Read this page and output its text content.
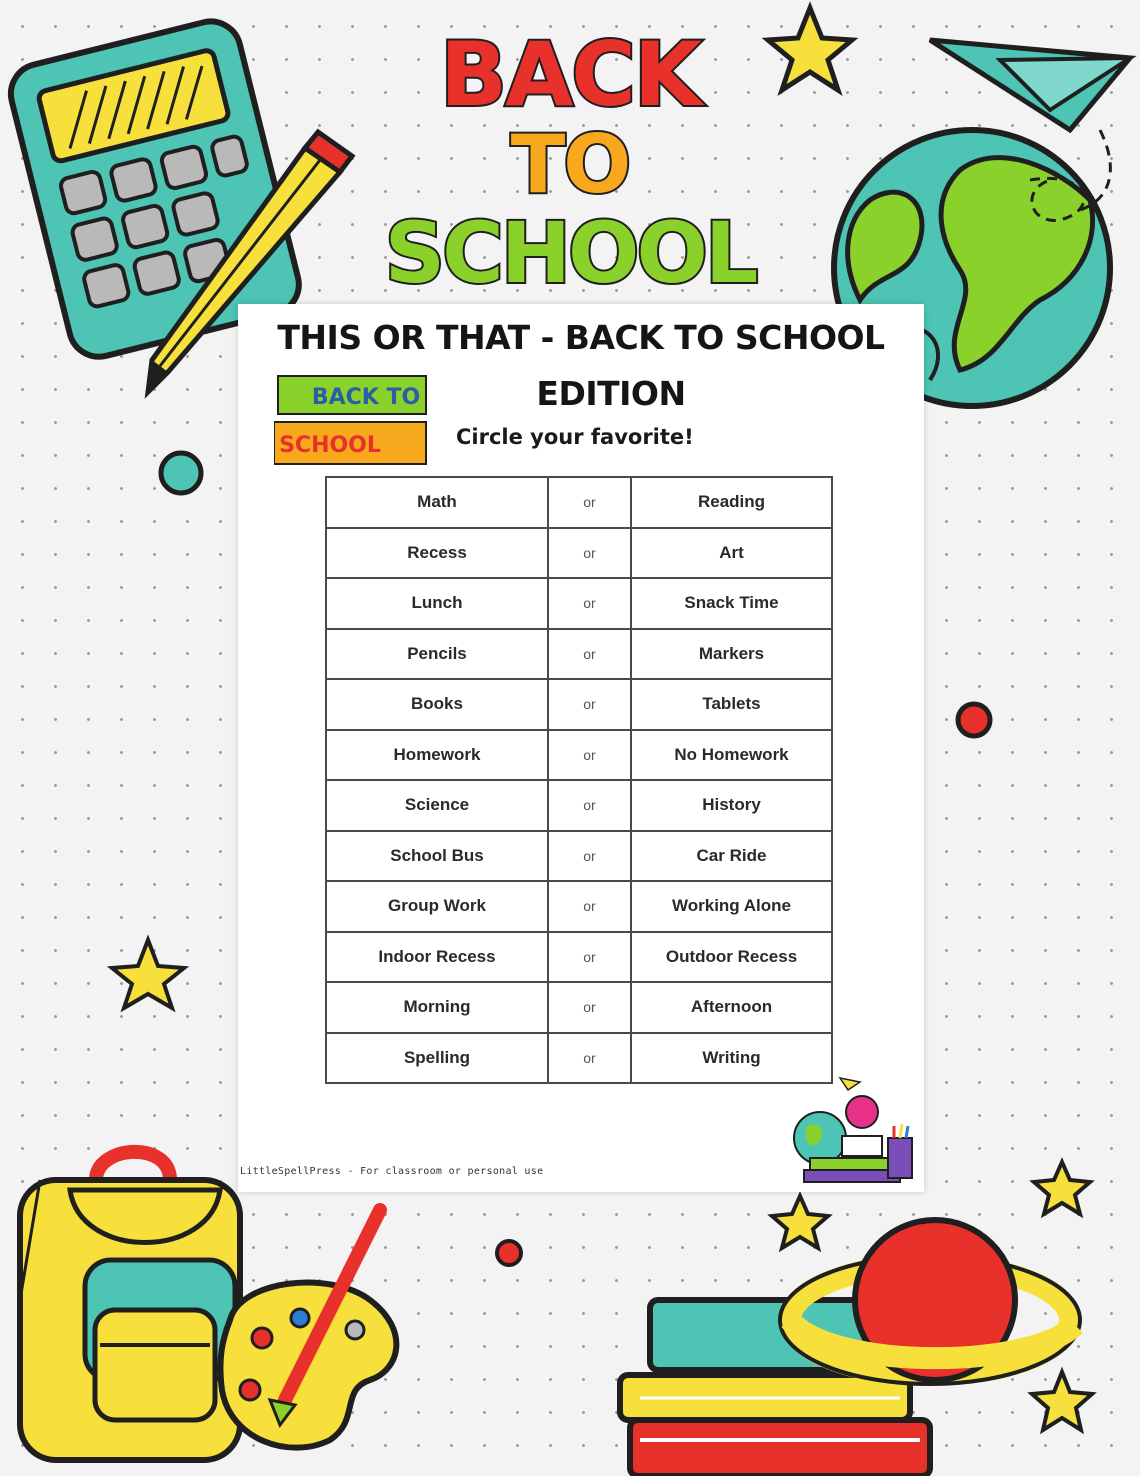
BACK
TO
SCHOOL
THIS OR THAT - BACK TO SCHOOL
EDITION
BACK TO
SCHOOL	Circle your favorite!
Math	or	Reading
Recess	or	Art
Lunch	or	Snack Time
Pencils	or	Markers
Books	or	Tablets
Homework	or	No Homework
Science	or	History
School Bus	or	Car Ride
Group Work	or	Working Alone
Indoor Recess	or	Outdoor Recess
Morning	or	Afternoon
Spelling	or	Writing
LittleSpellPress - For classroom or personal use
